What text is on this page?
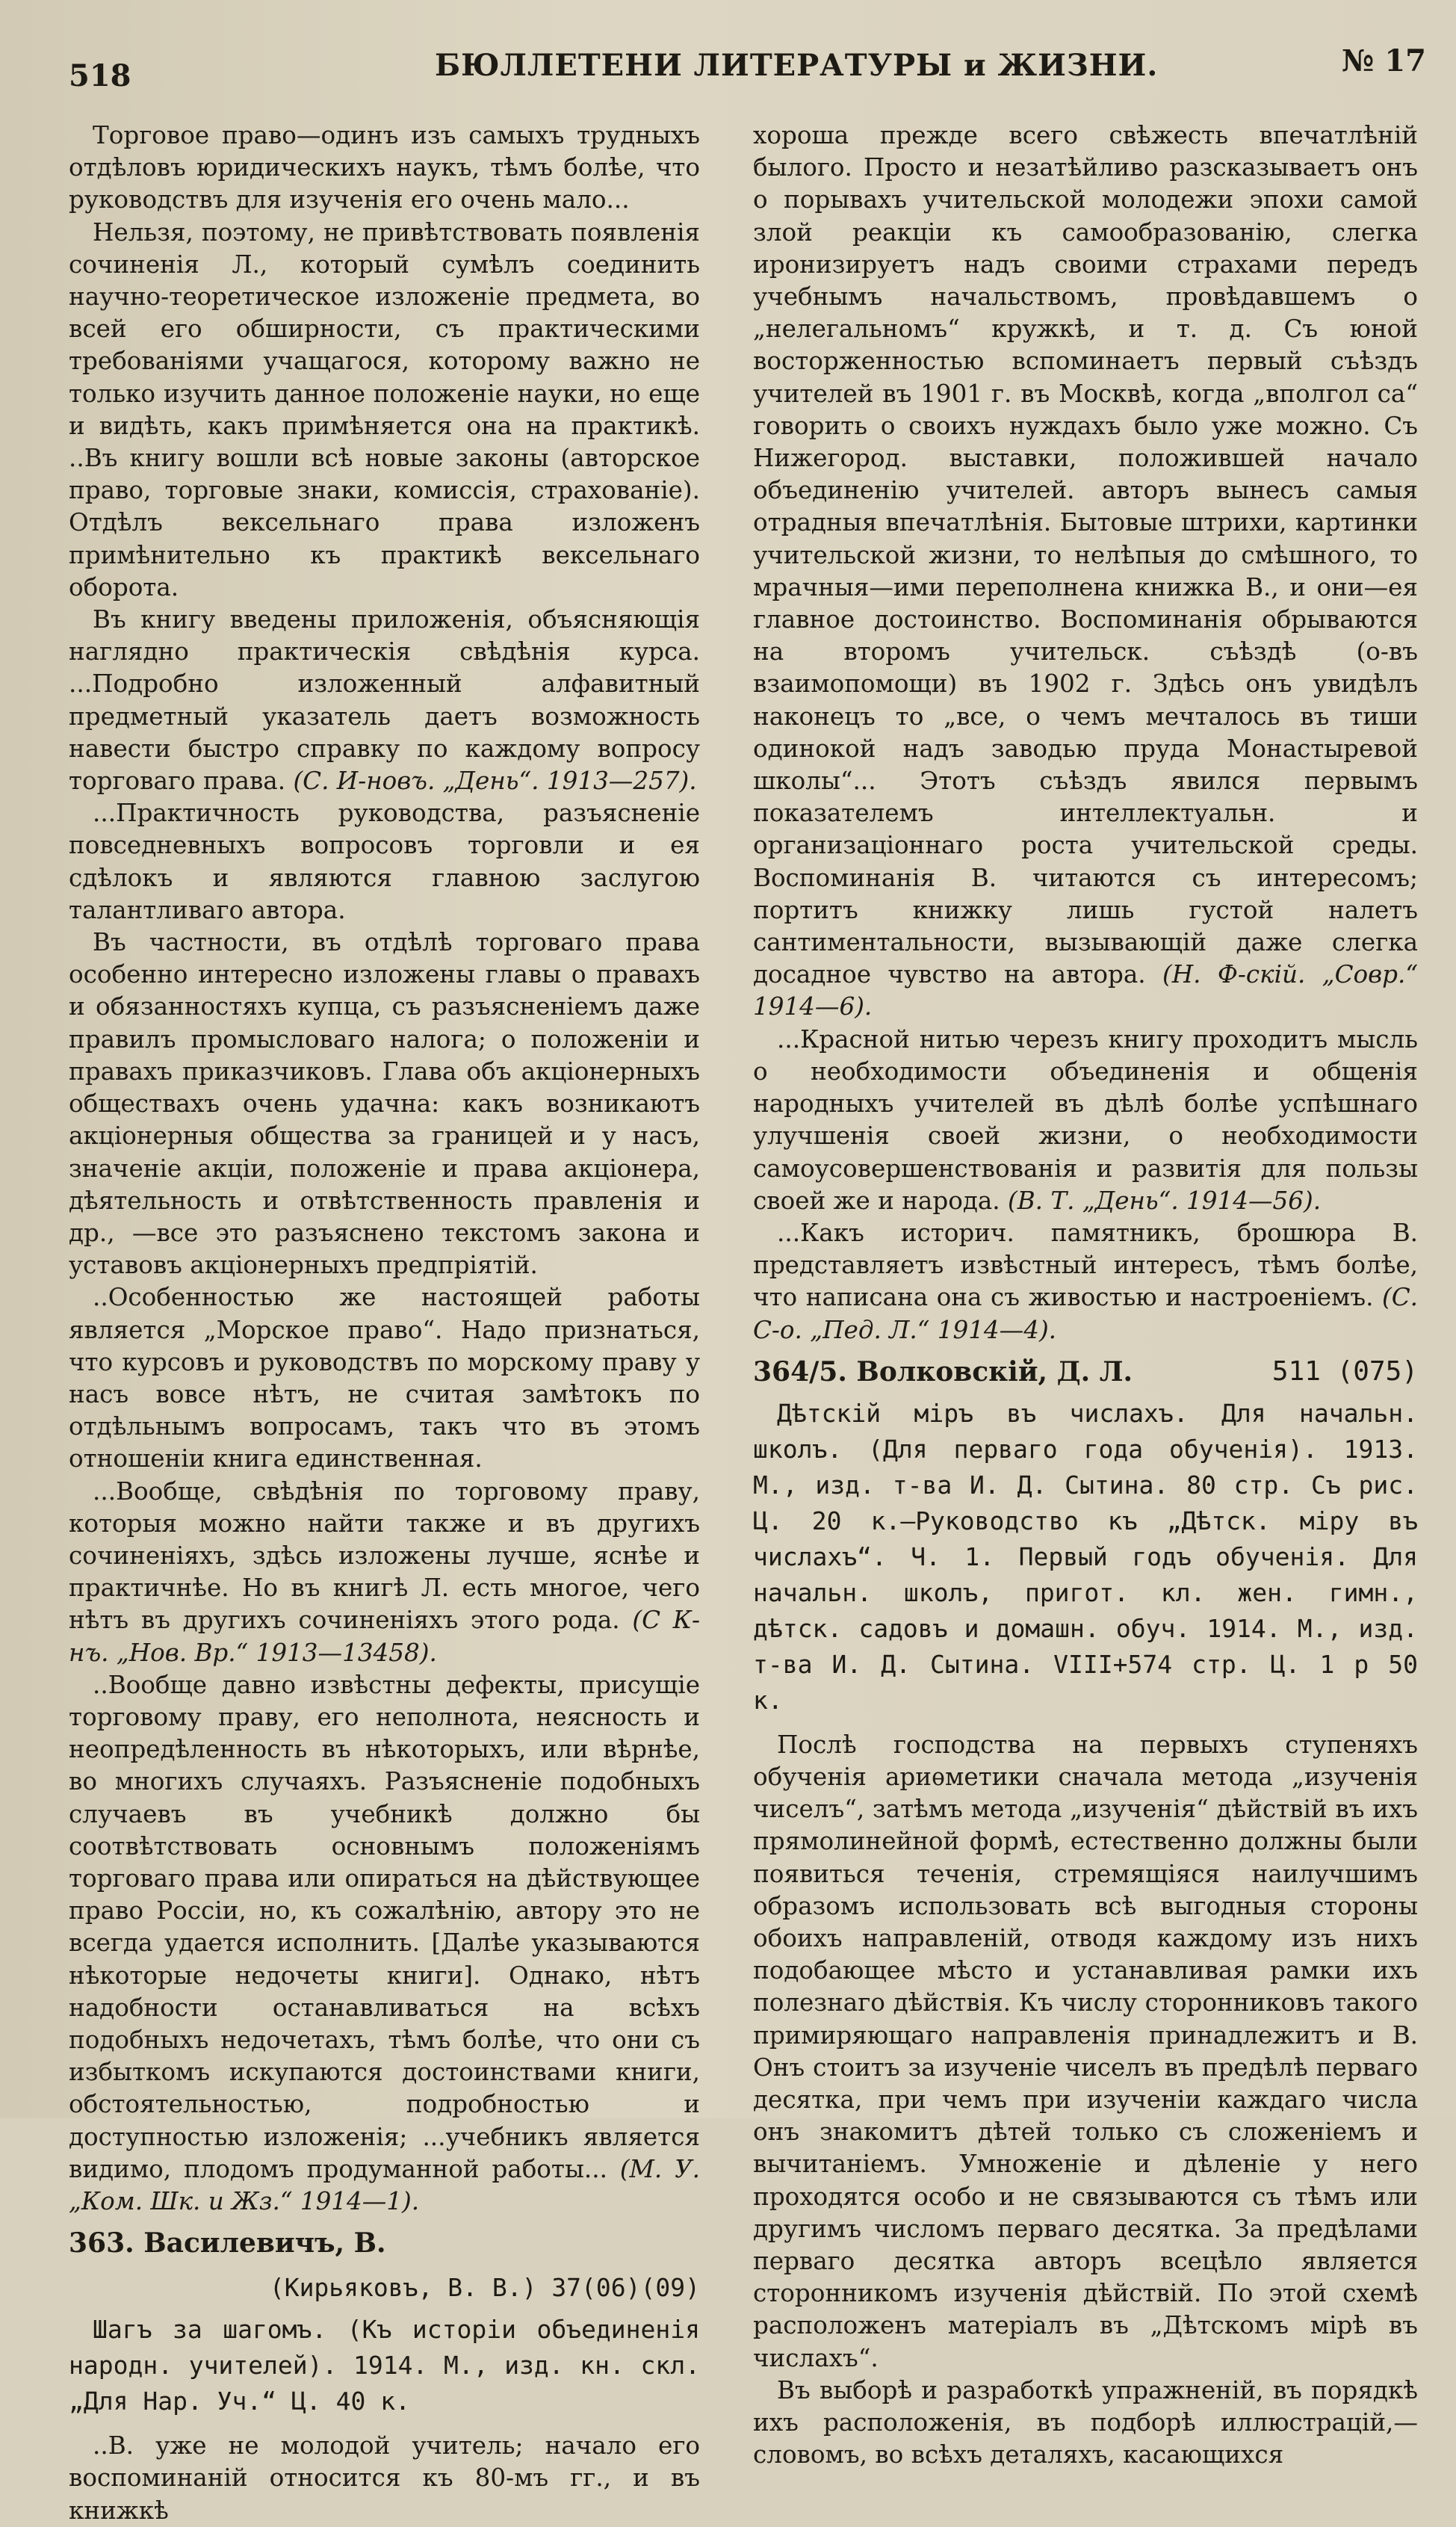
518	БЮЛЛЕТЕНИ ЛИТЕРАТУРЫ и ЖИЗНИ.	№ 17

Торговое право—одинъ изъ самыхъ трудныхъ отдѣловъ юридическихъ наукъ, тѣмъ болѣе, что руководствъ для изученія его очень мало...

Нельзя, поэтому, не привѣтствовать появленія сочиненія Л., который сумѣлъ соединить научно-теоретическое изложеніе предмета, во всей его обширности, съ практическими требованіями учащагося, которому важно не только изучить данное положеніе науки, но еще и видѣть, какъ примѣняется она на практикѣ. ..Въ книгу вошли всѣ новые законы (авторское право, торговые знаки, комиссія, страхованіе). Отдѣлъ вексельнаго права изложенъ примѣнительно къ практикѣ вексельнаго оборота.

Въ книгу введены приложенія, объясняющія наглядно практическія свѣдѣнія курса. ...Подробно изложенный алфавитный предметный указатель даетъ возможность навести быстро справку по каждому вопросу торговаго права. (С. И-новъ. „День“. 1913—257).

...Практичность руководства, разъясненіе повседневныхъ вопросовъ торговли и ея сдѣлокъ и являются главною заслугою талантливаго автора.

Въ частности, въ отдѣлѣ торговаго права особенно интересно изложены главы о правахъ и обязанностяхъ купца, съ разъясненіемъ даже правилъ промысловаго налога; о положеніи и правахъ приказчиковъ. Глава объ акціонерныхъ обществахъ очень удачна: какъ возникаютъ акціонерныя общества за границей и у насъ, значеніе акціи, положеніе и права акціонера, дѣятельность и отвѣтственность правленія и др., —все это разъяснено текстомъ закона и уставовъ акціонерныхъ предпріятій.

..Особенностью же настоящей работы является „Морское право“. Надо признаться, что курсовъ и руководствъ по морскому праву у насъ вовсе нѣтъ, не считая замѣтокъ по отдѣльнымъ вопросамъ, такъ что въ этомъ отношеніи книга единственная.

...Вообще, свѣдѣнія по торговому праву, которыя можно найти также и въ другихъ сочиненіяхъ, здѣсь изложены лучше, яснѣе и практичнѣе. Но въ книгѣ Л. есть многое, чего нѣтъ въ другихъ сочиненіяхъ этого рода. (С К-нъ. „Нов. Вр.“ 1913—13458).

..Вообще давно извѣстны дефекты, присущіе торговому праву, его неполнота, неясность и неопредѣленность въ нѣкоторыхъ, или вѣрнѣе, во многихъ случаяхъ. Разъясненіе подобныхъ случаевъ въ учебникѣ должно бы соотвѣтствовать основнымъ положеніямъ торговаго права или опираться на дѣйствующее право Россіи, но, къ сожалѣнію, автору это не всегда удается исполнить. [Далѣе указываются нѣкоторые недочеты книги]. Однако, нѣтъ надобности останавливаться на всѣхъ подобныхъ недочетахъ, тѣмъ болѣе, что они съ избыткомъ искупаются достоинствами книги, обстоятельностью, подробностью и доступностью изложенія; ...учебникъ является видимо, плодомъ продуманной работы... (М. У. „Ком. Шк. и Жз.“ 1914—1).

363. Василевичъ, В.
(Кирьяковъ, В. В.) 37(06)(09)

Шагъ за шагомъ. (Къ исторіи объединенія народн. учителей). 1914. М., изд. кн. скл. „Для Нар. Уч.“ Ц. 40 к.

..В. уже не молодой учитель; начало его воспоминаній относится къ 80-мъ гг., и въ книжкѣ

хороша прежде всего свѣжесть впечатлѣній былого. Просто и незатѣйливо разсказываетъ онъ о порывахъ учительской молодежи эпохи самой злой реакціи къ самообразованію, слегка иронизируетъ надъ своими страхами передъ учебнымъ начальствомъ, провѣдавшемъ о „нелегальномъ“ кружкѣ, и т. д. Съ юной восторженностью вспоминаетъ первый съѣздъ учителей въ 1901 г. въ Москвѣ, когда „вполгол са“ говорить о своихъ нуждахъ было уже можно. Съ Нижегород. выставки, положившей начало объединенію учителей. авторъ вынесъ самыя отрадныя впечатлѣнія. Бытовые штрихи, картинки учительской жизни, то нелѣпыя до смѣшного, то мрачныя—ими переполнена книжка В., и они—ея главное достоинство. Воспоминанія обрываются на второмъ учительск. съѣздѣ (о-въ взаимопомощи) въ 1902 г. Здѣсь онъ увидѣлъ наконецъ то „все, о чемъ мечталось въ тиши одинокой надъ заводью пруда Монастыревой школы“... Этотъ съѣздъ явился первымъ показателемъ интеллектуальн. и организаціоннаго роста учительской среды. Воспоминанія В. читаются съ интересомъ; портитъ книжку лишь густой налетъ сантиментальности, вызывающій даже слегка досадное чувство на автора. (Н. Ф-скій. „Совр.“ 1914—6).

...Красной нитью черезъ книгу проходитъ мысль о необходимости объединенія и общенія народныхъ учителей въ дѣлѣ болѣе успѣшнаго улучшенія своей жизни, о необходимости самоусовершенствованія и развитія для пользы своей же и народа. (В. Т. „День“. 1914—56).

...Какъ историч. памятникъ, брошюра В. представляетъ извѣстный интересъ, тѣмъ болѣе, что написана она съ живостью и настроеніемъ. (С. С-о. „Пед. Л.“ 1914—4).

511 (075)
364/5. Волковскій, Д. Л.

Дѣтскій міръ въ числахъ. Для начальн. школъ. (Для перваго года обученія). 1913. М., изд. т-ва И. Д. Сытина. 80 стр. Съ рис. Ц. 20 к.—Руководство къ „Дѣтск. міру въ числахъ“. Ч. 1. Первый годъ обученія. Для начальн. школъ, пригот. кл. жен. гимн., дѣтск. садовъ и домашн. обуч. 1914. М., изд. т-ва И. Д. Сытина. VIII+574 стр. Ц. 1 р 50 к.

Послѣ господства на первыхъ ступеняхъ обученія ариѳметики сначала метода „изученія чиселъ“, затѣмъ метода „изученія“ дѣйствій въ ихъ прямолинейной формѣ, естественно должны были появиться теченія, стремящіяся наилучшимъ образомъ использовать всѣ выгодныя стороны обоихъ направленій, отводя каждому изъ нихъ подобающее мѣсто и устанавливая рамки ихъ полезнаго дѣйствія. Къ числу сторонниковъ такого примиряющаго направленія принадлежитъ и В. Онъ стоитъ за изученіе чиселъ въ предѣлѣ перваго десятка, при чемъ при изученіи каждаго числа онъ знакомитъ дѣтей только съ сложеніемъ и вычитаніемъ. Умноженіе и дѣленіе у него проходятся особо и не связываются съ тѣмъ или другимъ числомъ перваго десятка. За предѣлами перваго десятка авторъ всецѣло является сторонникомъ изученія дѣйствій. По этой схемѣ расположенъ матеріалъ въ „Дѣтскомъ мірѣ въ числахъ“.

Въ выборѣ и разработкѣ упражненій, въ порядкѣ ихъ расположенія, въ подборѣ иллюстрацій,—словомъ, во всѣхъ деталяхъ, касающихся
